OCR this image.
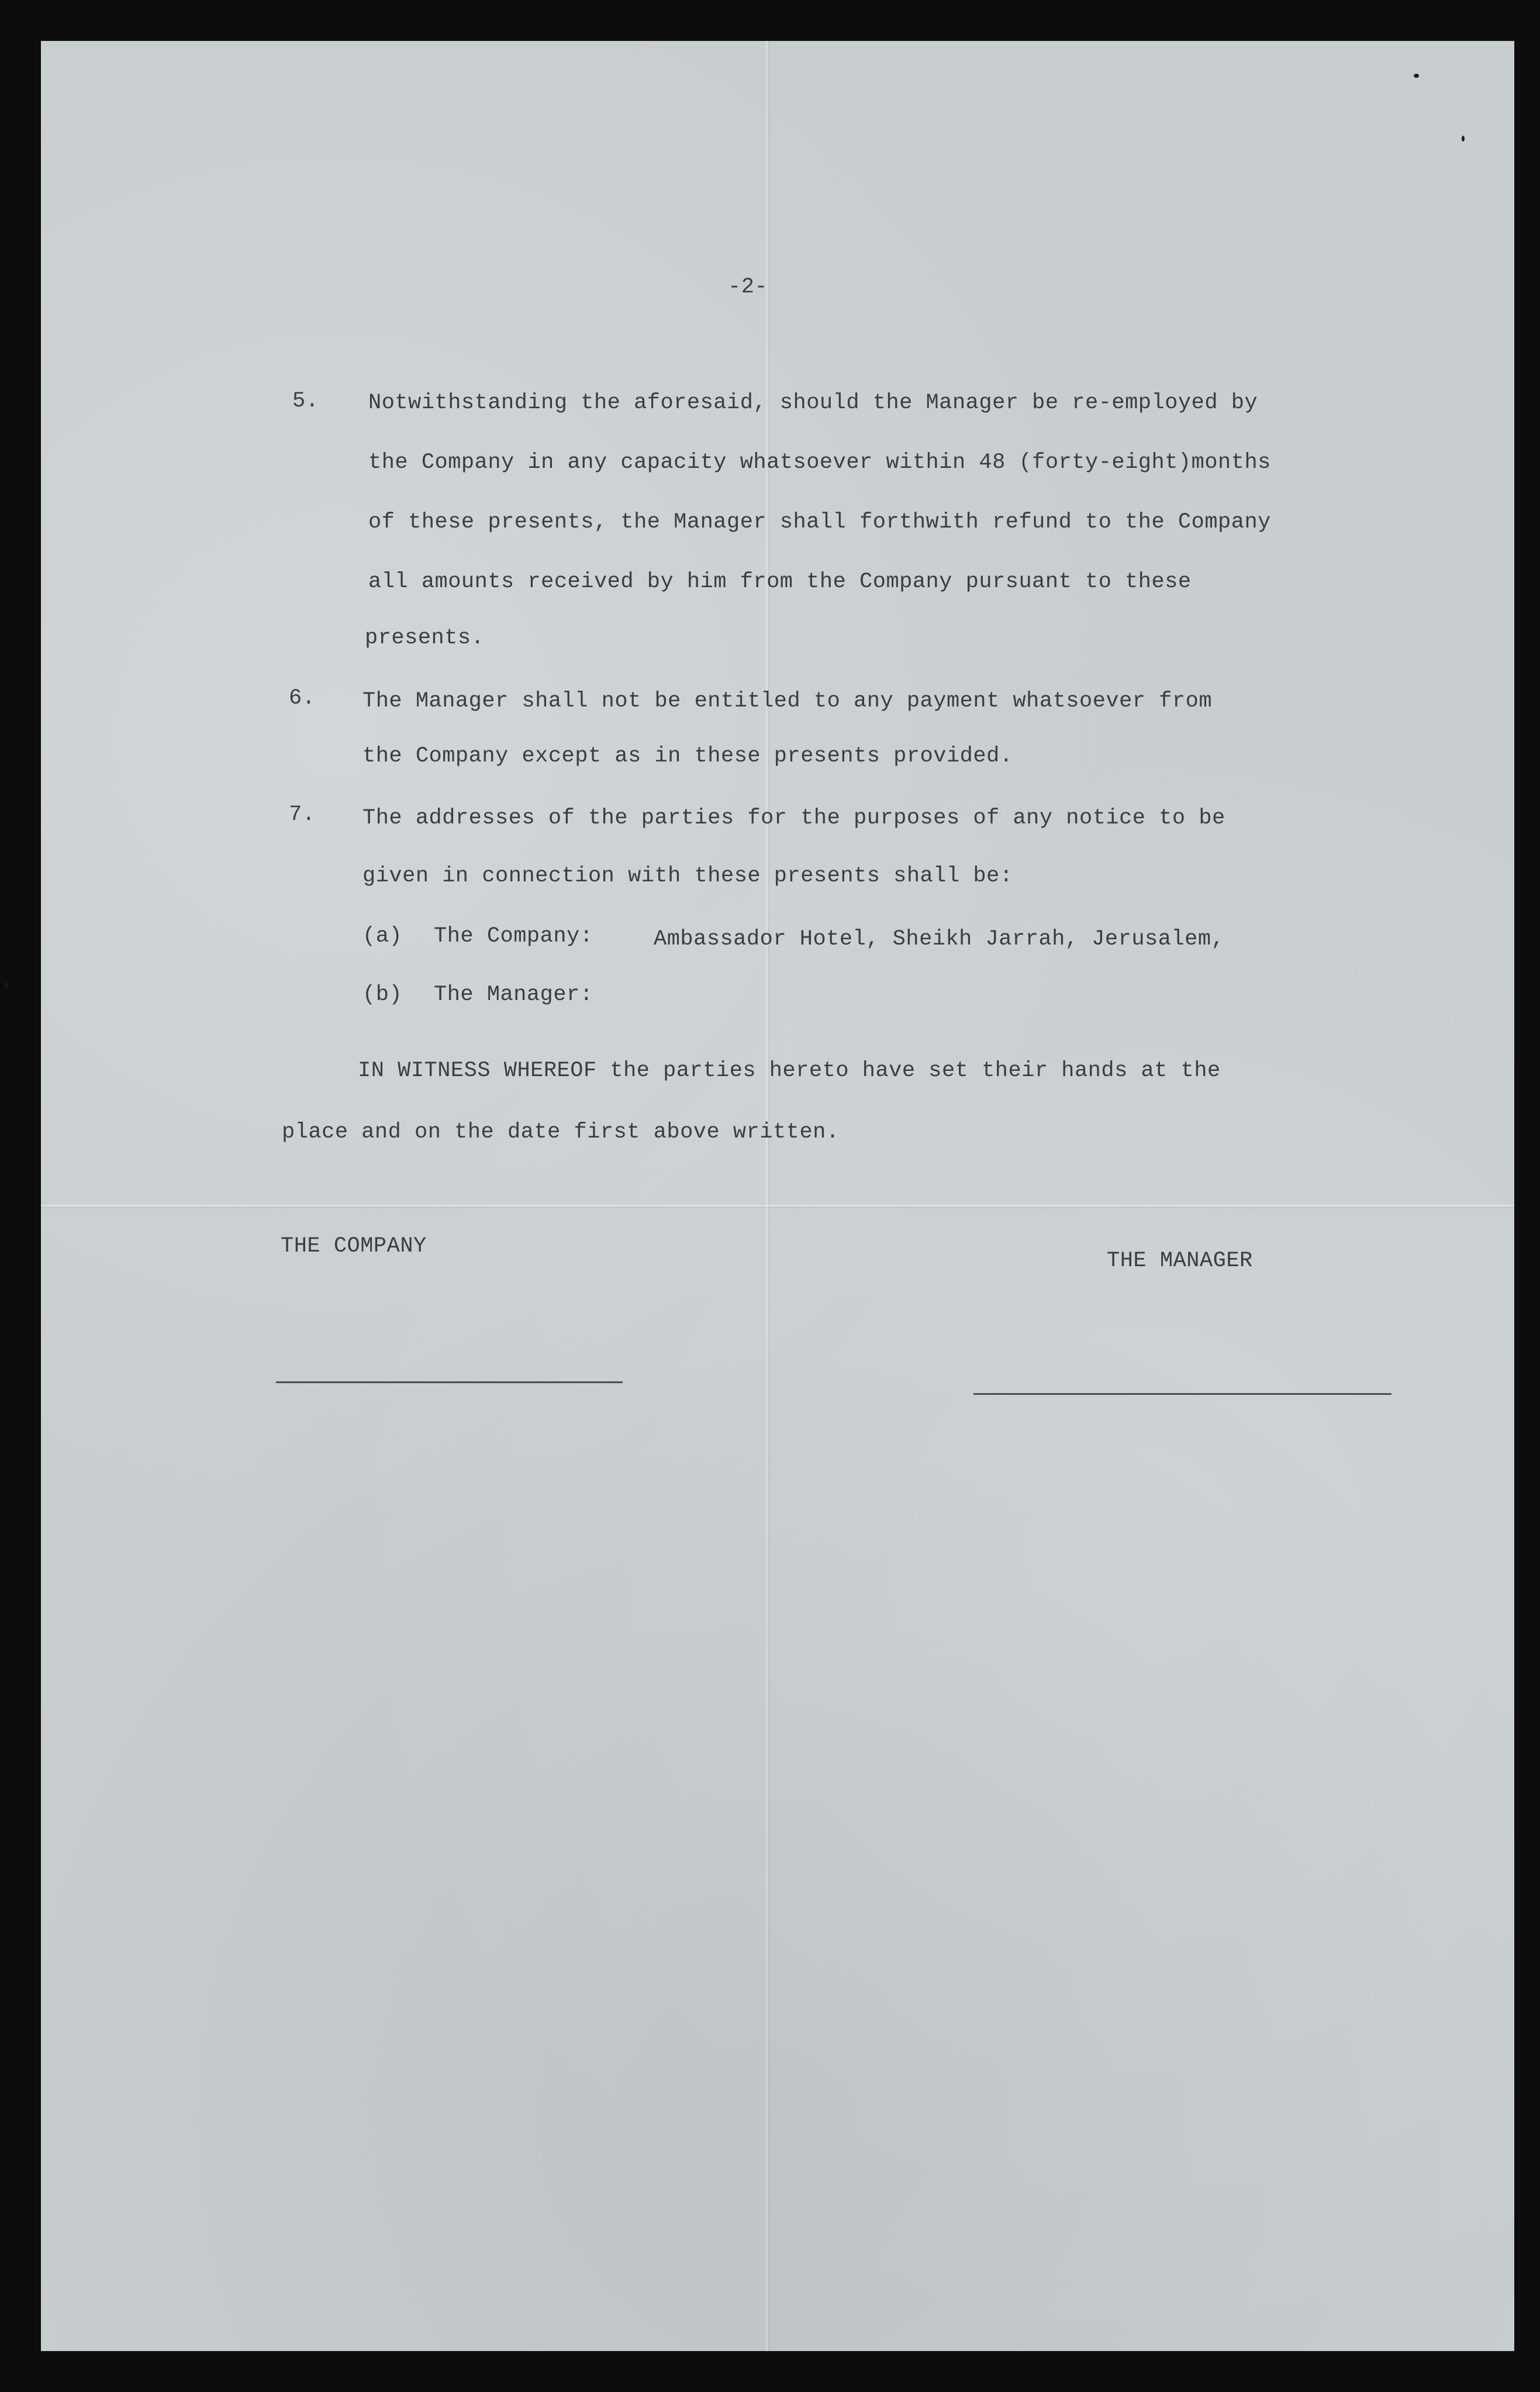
-2-
5. Notwithstanding the aforesaid, should the Manager be re-employed by
the Company in any capacity whatsoever within 48 (forty-eight)months
of these presents, the Manager shall forthwith refund to the Company
all amounts received by him from the Company pursuant to these
presents.
6. The Manager shall not be entitled to any payment whatsoever from
the Company except as in these presents provided.
7. The addresses of the parties for the purposes of any notice to be
given in connection with these presents shall be:
(a) The Company:	Ambassador Hotel, Sheikh Jarrah, Jerusalem,
(b) The Manager:
IN WITNESS WHEREOF the parties hereto have set their hands at the
place and on the date first above written.
THE COMPANY
THE MANAGER
